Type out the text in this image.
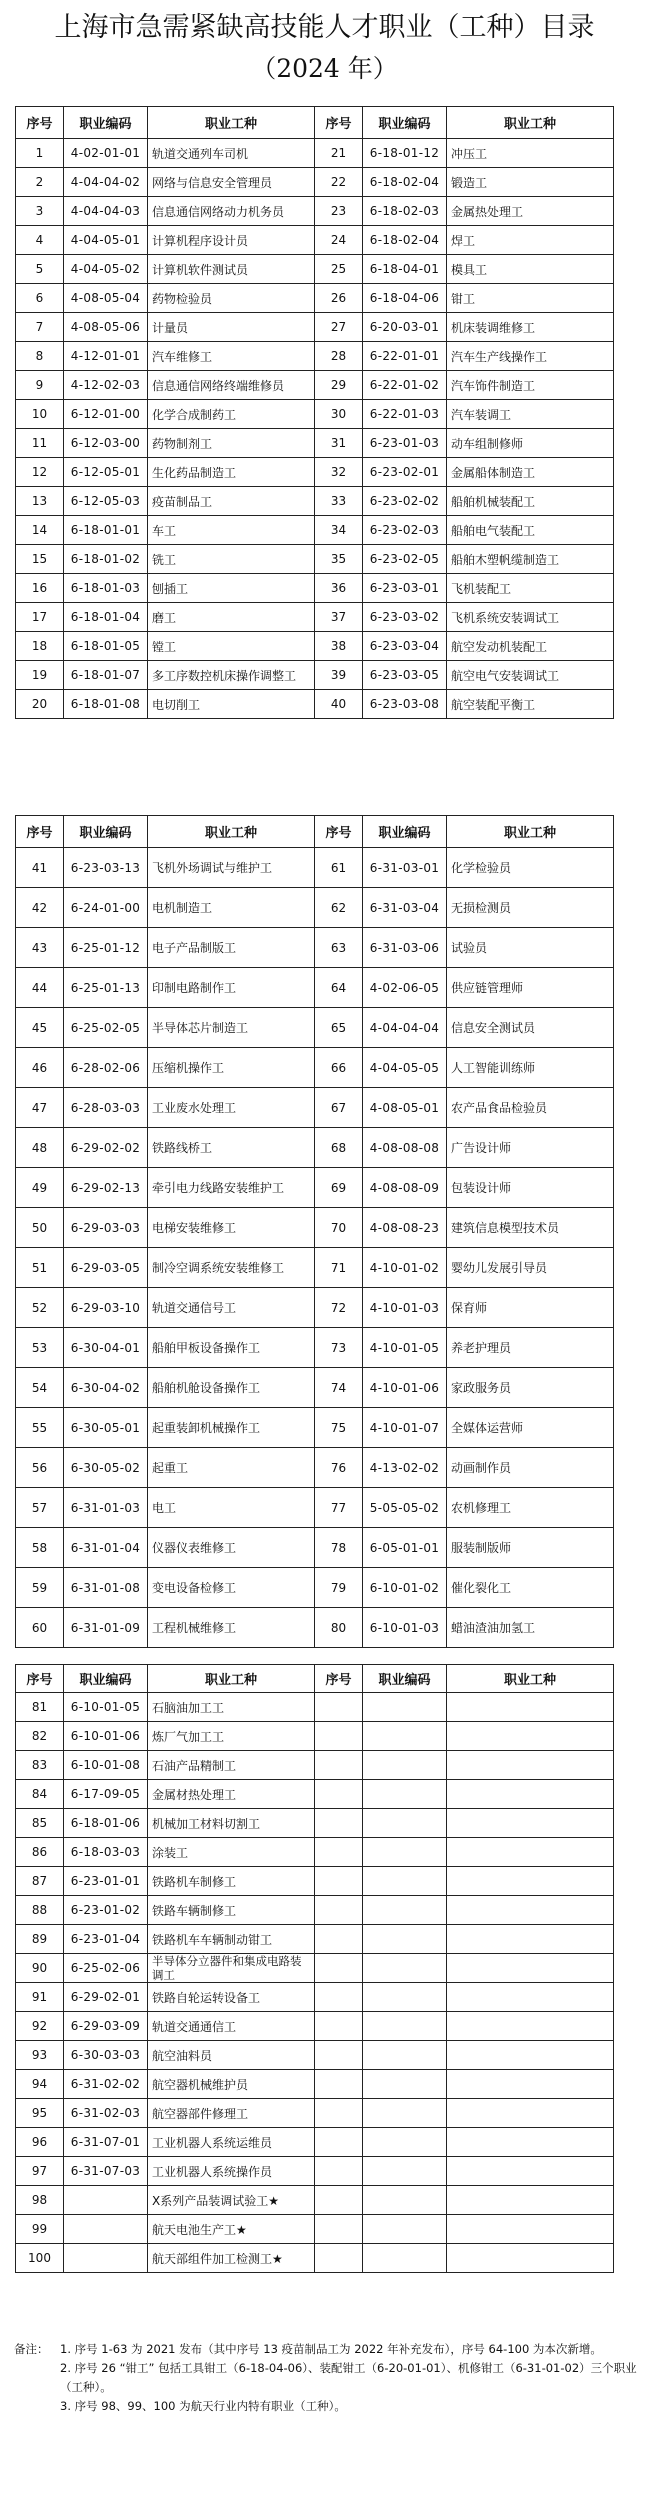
上海市急需紧缺高技能人才职业（工种）目录
（2024 年）
序号	职业编码	职业工种	序号	职业编码	职业工种
1	4-02-01-01	轨道交通列车司机	21	6-18-01-12	冲压工
2	4-04-04-02	网络与信息安全管理员	22	6-18-02-04	锻造工
3	4-04-04-03	信息通信网络动力机务员	23	6-18-02-03	金属热处理工
4	4-04-05-01	计算机程序设计员	24	6-18-02-04	焊工
5	4-04-05-02	计算机软件测试员	25	6-18-04-01	模具工
6	4-08-05-04	药物检验员	26	6-18-04-06	钳工
7	4-08-05-06	计量员	27	6-20-03-01	机床装调维修工
8	4-12-01-01	汽车维修工	28	6-22-01-01	汽车生产线操作工
9	4-12-02-03	信息通信网络终端维修员	29	6-22-01-02	汽车饰件制造工
10	6-12-01-00	化学合成制药工	30	6-22-01-03	汽车装调工
11	6-12-03-00	药物制剂工	31	6-23-01-03	动车组制修师
12	6-12-05-01	生化药品制造工	32	6-23-02-01	金属船体制造工
13	6-12-05-03	疫苗制品工	33	6-23-02-02	船舶机械装配工
14	6-18-01-01	车工	34	6-23-02-03	船舶电气装配工
15	6-18-01-02	铣工	35	6-23-02-05	船舶木塑帆缆制造工
16	6-18-01-03	刨插工	36	6-23-03-01	飞机装配工
17	6-18-01-04	磨工	37	6-23-03-02	飞机系统安装调试工
18	6-18-01-05	镗工	38	6-23-03-04	航空发动机装配工
19	6-18-01-07	多工序数控机床操作调整工	39	6-23-03-05	航空电气安装调试工
20	6-18-01-08	电切削工	40	6-23-03-08	航空装配平衡工
序号	职业编码	职业工种	序号	职业编码	职业工种
41	6-23-03-13	飞机外场调试与维护工	61	6-31-03-01	化学检验员
42	6-24-01-00	电机制造工	62	6-31-03-04	无损检测员
43	6-25-01-12	电子产品制版工	63	6-31-03-06	试验员
44	6-25-01-13	印制电路制作工	64	4-02-06-05	供应链管理师
45	6-25-02-05	半导体芯片制造工	65	4-04-04-04	信息安全测试员
46	6-28-02-06	压缩机操作工	66	4-04-05-05	人工智能训练师
47	6-28-03-03	工业废水处理工	67	4-08-05-01	农产品食品检验员
48	6-29-02-02	铁路线桥工	68	4-08-08-08	广告设计师
49	6-29-02-13	牵引电力线路安装维护工	69	4-08-08-09	包装设计师
50	6-29-03-03	电梯安装维修工	70	4-08-08-23	建筑信息模型技术员
51	6-29-03-05	制冷空调系统安装维修工	71	4-10-01-02	婴幼儿发展引导员
52	6-29-03-10	轨道交通信号工	72	4-10-01-03	保育师
53	6-30-04-01	船舶甲板设备操作工	73	4-10-01-05	养老护理员
54	6-30-04-02	船舶机舱设备操作工	74	4-10-01-06	家政服务员
55	6-30-05-01	起重装卸机械操作工	75	4-10-01-07	全媒体运营师
56	6-30-05-02	起重工	76	4-13-02-02	动画制作员
57	6-31-01-03	电工	77	5-05-05-02	农机修理工
58	6-31-01-04	仪器仪表维修工	78	6-05-01-01	服装制版师
59	6-31-01-08	变电设备检修工	79	6-10-01-02	催化裂化工
60	6-31-01-09	工程机械维修工	80	6-10-01-03	蜡油渣油加氢工
序号	职业编码	职业工种	序号	职业编码	职业工种
81	6-10-01-05	石脑油加工工			
82	6-10-01-06	炼厂气加工工			
83	6-10-01-08	石油产品精制工			
84	6-17-09-05	金属材热处理工			
85	6-18-01-06	机械加工材料切割工			
86	6-18-03-03	涂装工			
87	6-23-01-01	铁路机车制修工			
88	6-23-01-02	铁路车辆制修工			
89	6-23-01-04	铁路机车车辆制动钳工			
90	6-25-02-06	半导体分立器件和集成电路装调工			
91	6-29-02-01	铁路自轮运转设备工			
92	6-29-03-09	轨道交通通信工			
93	6-30-03-03	航空油料员			
94	6-31-02-02	航空器机械维护员			
95	6-31-02-03	航空器部件修理工			
96	6-31-07-01	工业机器人系统运维员			
97	6-31-07-03	工业机器人系统操作员			
98		X系列产品装调试验工★			
99		航天电池生产工★			
100		航天部组件加工检测工★			
备注：	1. 序号 1-63 为 2021 发布（其中序号 13 疫苗制品工为 2022 年补充发布），序号 64-100 为本次新增。
2. 序号 26 “钳工” 包括工具钳工（6-18-04-06）、装配钳工（6-20-01-01）、机修钳工（6-31-01-02）三个职业（工种）。
3. 序号 98、99、100 为航天行业内特有职业（工种）。
